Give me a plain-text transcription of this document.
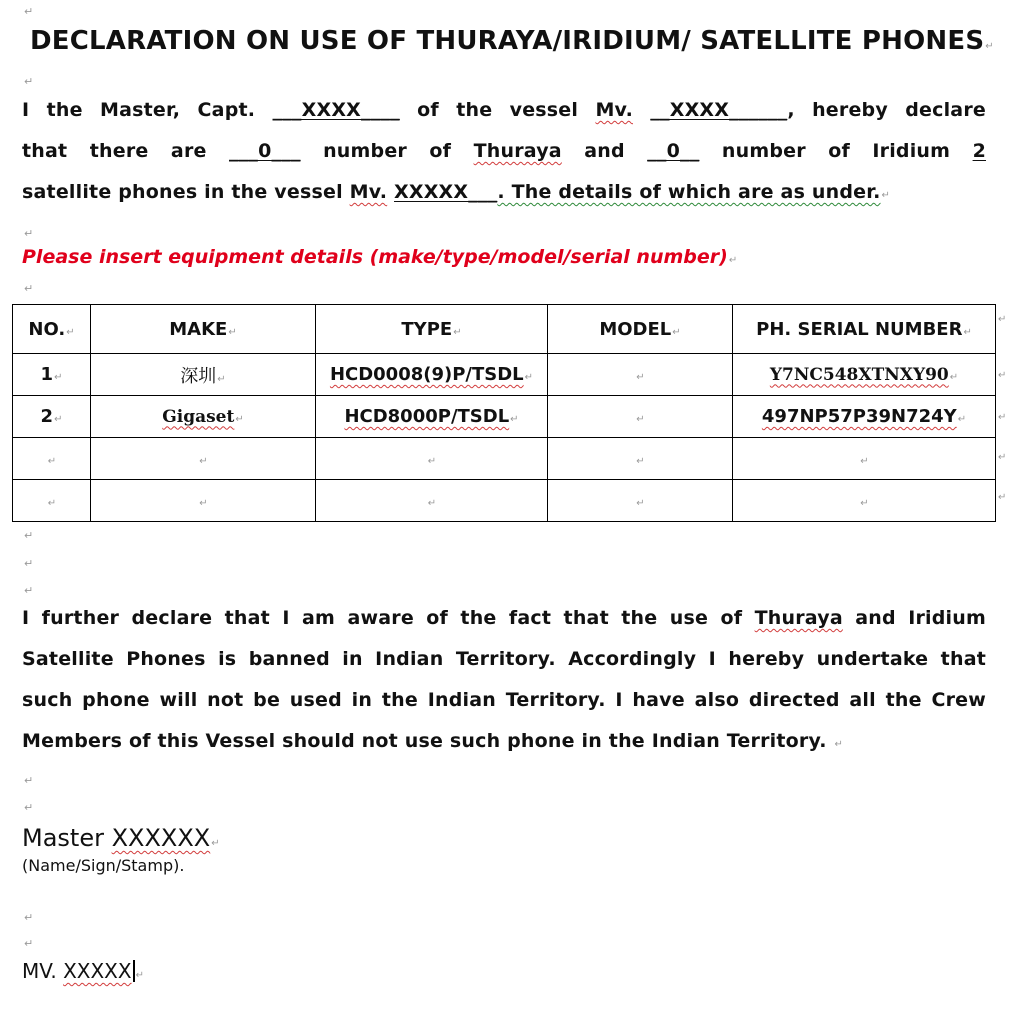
↵
↵
↵
↵
↵
↵
↵
↵
↵
↵
↵
DECLARATION ON USE OF THURAYA/IRIDIUM/ SATELLITE PHONES↵
I the Master, Capt. ___XXXX____ of the vessel Mv. __XXXX______, hereby declare
that there are ___0___ number of Thuraya and __0__ number of Iridium 2
satellite phones in the vessel Mv. XXXXX___. The details of which are as under.↵
Please insert equipment details (make/type/model/serial number)↵
NO.↵	MAKE↵	TYPE↵	MODEL↵	PH. SERIAL NUMBER↵
1↵	深圳↵	HCD0008(9)P/TSDL↵	↵	Y7NC548XTNXY90↵
2↵	Gigaset↵	HCD8000P/TSDL↵	↵	497NP57P39N724Y↵
↵	↵	↵	↵	↵
↵	↵	↵	↵	↵
↵
↵
↵
↵
↵
I further declare that I am aware of the fact that the use of Thuraya and Iridium
Satellite Phones is banned in Indian Territory. Accordingly I hereby undertake that
such phone will not be used in the Indian Territory. I have also directed all the Crew
Members of this Vessel should not use such phone in the Indian Territory. ↵
Master XXXXXX↵
(Name/Sign/Stamp).
MV. XXXXX ↵
